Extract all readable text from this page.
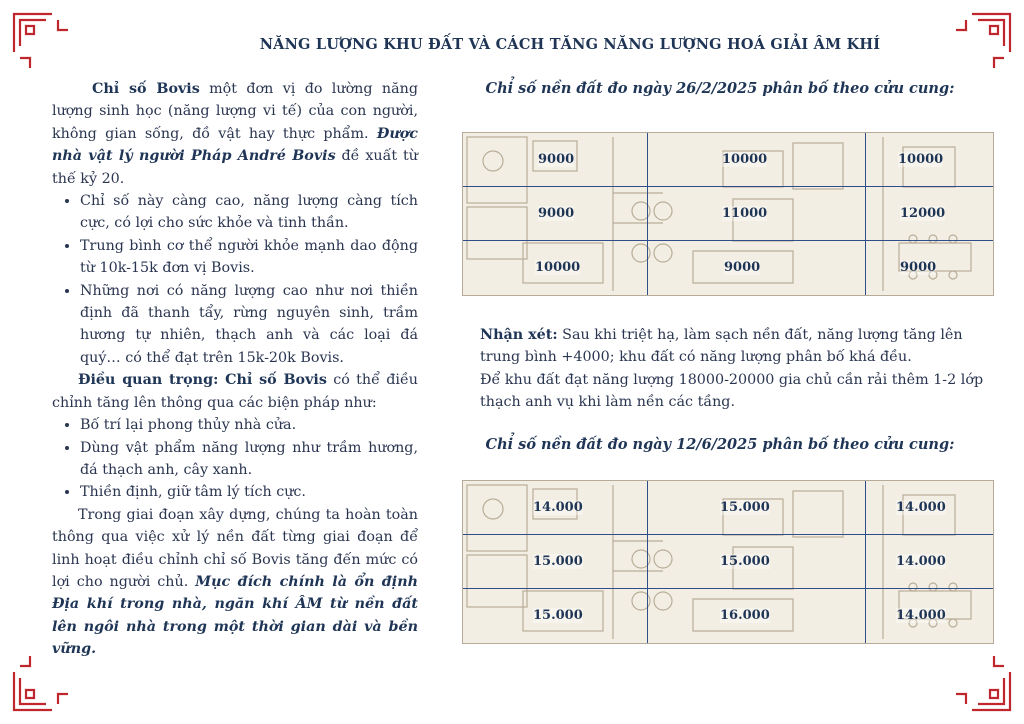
NĂNG LƯỢNG KHU ĐẤT VÀ CÁCH TĂNG NĂNG LƯỢNG HOÁ GIẢI ÂM KHÍ

Chỉ số Bovis một đơn vị đo lường năng lượng sinh học (năng lượng vi tế) của con người, không gian sống, đồ vật hay thực phẩm. Được nhà vật lý người Pháp André Bovis đề xuất từ thế kỷ 20.

• Chỉ số này càng cao, năng lượng càng tích cực, có lợi cho sức khỏe và tinh thần.
• Trung bình cơ thể người khỏe mạnh dao động từ 10k-15k đơn vị Bovis.
• Những nơi có năng lượng cao như nơi thiền định đã thanh tẩy, rừng nguyên sinh, trầm hương tự nhiên, thạch anh và các loại đá quý… có thể đạt trên 15k-20k Bovis.

Điều quan trọng: Chỉ số Bovis có thể điều chỉnh tăng lên thông qua các biện pháp như:

• Bố trí lại phong thủy nhà cửa.
• Dùng vật phẩm năng lượng như trầm hương, đá thạch anh, cây xanh.
• Thiền định, giữ tâm lý tích cực.

Trong giai đoạn xây dựng, chúng ta hoàn toàn thông qua việc xử lý nền đất từng giai đoạn để linh hoạt điều chỉnh chỉ số Bovis tăng đến mức có lợi cho người chủ. Mục đích chính là ổn định Địa khí trong nhà, ngăn khí ÂM từ nền đất lên ngôi nhà trong một thời gian dài và bền vững.

Chỉ số nền đất đo ngày 26/2/2025 phân bố theo cửu cung:
9000	10000	10000
9000	11000	12000
10000	9000	9000

Nhận xét: Sau khi triệt hạ, làm sạch nền đất, năng lượng tăng lên trung bình +4000; khu đất có năng lượng phân bố khá đều.

Để khu đất đạt năng lượng 18000-20000 gia chủ cần rải thêm 1-2 lớp thạch anh vụ khi làm nền các tầng.

Chỉ số nền đất đo ngày 12/6/2025 phân bố theo cửu cung:
14.000	15.000	14.000
15.000	15.000	14.000
15.000	16.000	14.000
